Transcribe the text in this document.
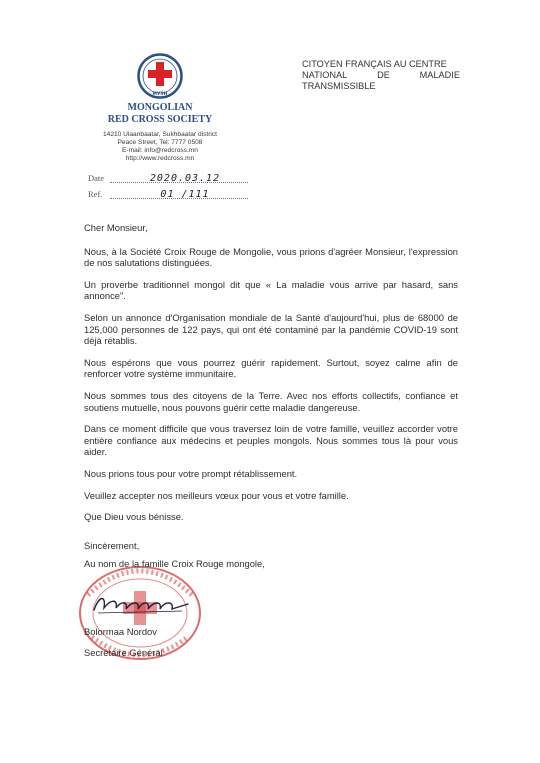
МУЗН
MONGOLIAN
RED CROSS SOCIETY
14210 Ulaanbaatar, Sukhbaatar district
Peace Street, Tel: 7777 0508
E-mail: info@redcross.mn
http://www.redcross.mn
CITOYEN FRANÇAIS AU CENTRE
NATIONAL	DE	MALADIE
TRANSMISSIBLE
Date	2020.03.12
Ref.	01 /111

Cher Monsieur,

Nous, à la Société Croix Rouge de Mongolie, vous prions d'agréer Monsieur, l'expression de nos salutations distinguées.

Un proverbe traditionnel mongol dit que « La maladie vous arrive par hasard, sans annonce".

Selon un annonce d'Organisation mondiale de la Santé d'aujourd'hui, plus de 68000 de 125,000 personnes de 122 pays, qui ont été contaminé par la pandémie COVID-19 sont déjà rétablis.

Nous espérons que vous pourrez guérir rapidement. Surtout, soyez calme afin de renforcer votre système immunitaire.

Nous sommes tous des citoyens de la Terre. Avec nos efforts collectifs, confiance et soutiens mutuelle, nous pouvons guérir cette maladie dangereuse.

Dans ce moment difficile que vous traversez loin de votre famille, veuillez accorder votre entière confiance aux médecins et peuples mongols. Nous sommes tous là pour vous aider.

Nous prions tous pour votre prompt rétablissement.

Veuillez accepter nos meilleurs vœux pour vous et votre famille.

Que Dieu vous bénisse.

Sincèrement,
Au nom de la famille Croix Rouge mongole,
Bolormaa Nordov
Secrétaire Général
